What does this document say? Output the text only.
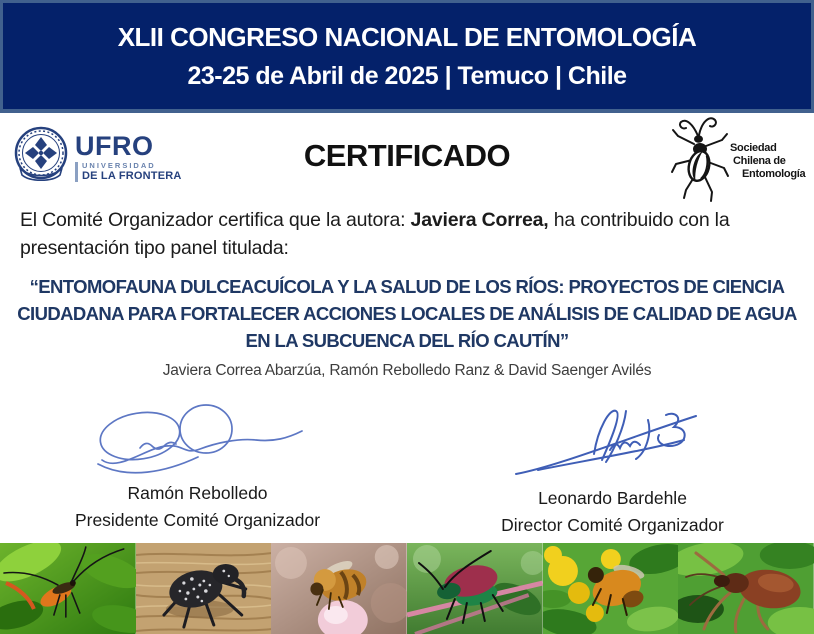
XLII CONGRESO NACIONAL DE ENTOMOLOGÍA
23-25 de Abril de 2025 | Temuco | Chile
UFRO
UNIVERSIDAD
DE LA FRONTERA
CERTIFICADO	Sociedad
Chilena de
Entomología
El Comité Organizador certifica que la autora: Javiera Correa, ha contribuido con la presentación tipo panel titulada:
“ENTOMOFAUNA DULCEACUÍCOLA Y LA SALUD DE LOS RÍOS: PROYECTOS DE CIENCIA
CIUDADANA PARA FORTALECER ACCIONES LOCALES DE ANÁLISIS DE CALIDAD DE AGUA
EN LA SUBCUENCA DEL RÍO CAUTÍN”
Javiera Correa Abarzúa, Ramón Rebolledo Ranz & David Saenger Avilés
Ramón Rebolledo
Presidente Comité Organizador
Leonardo Bardehle
Director Comité Organizador
